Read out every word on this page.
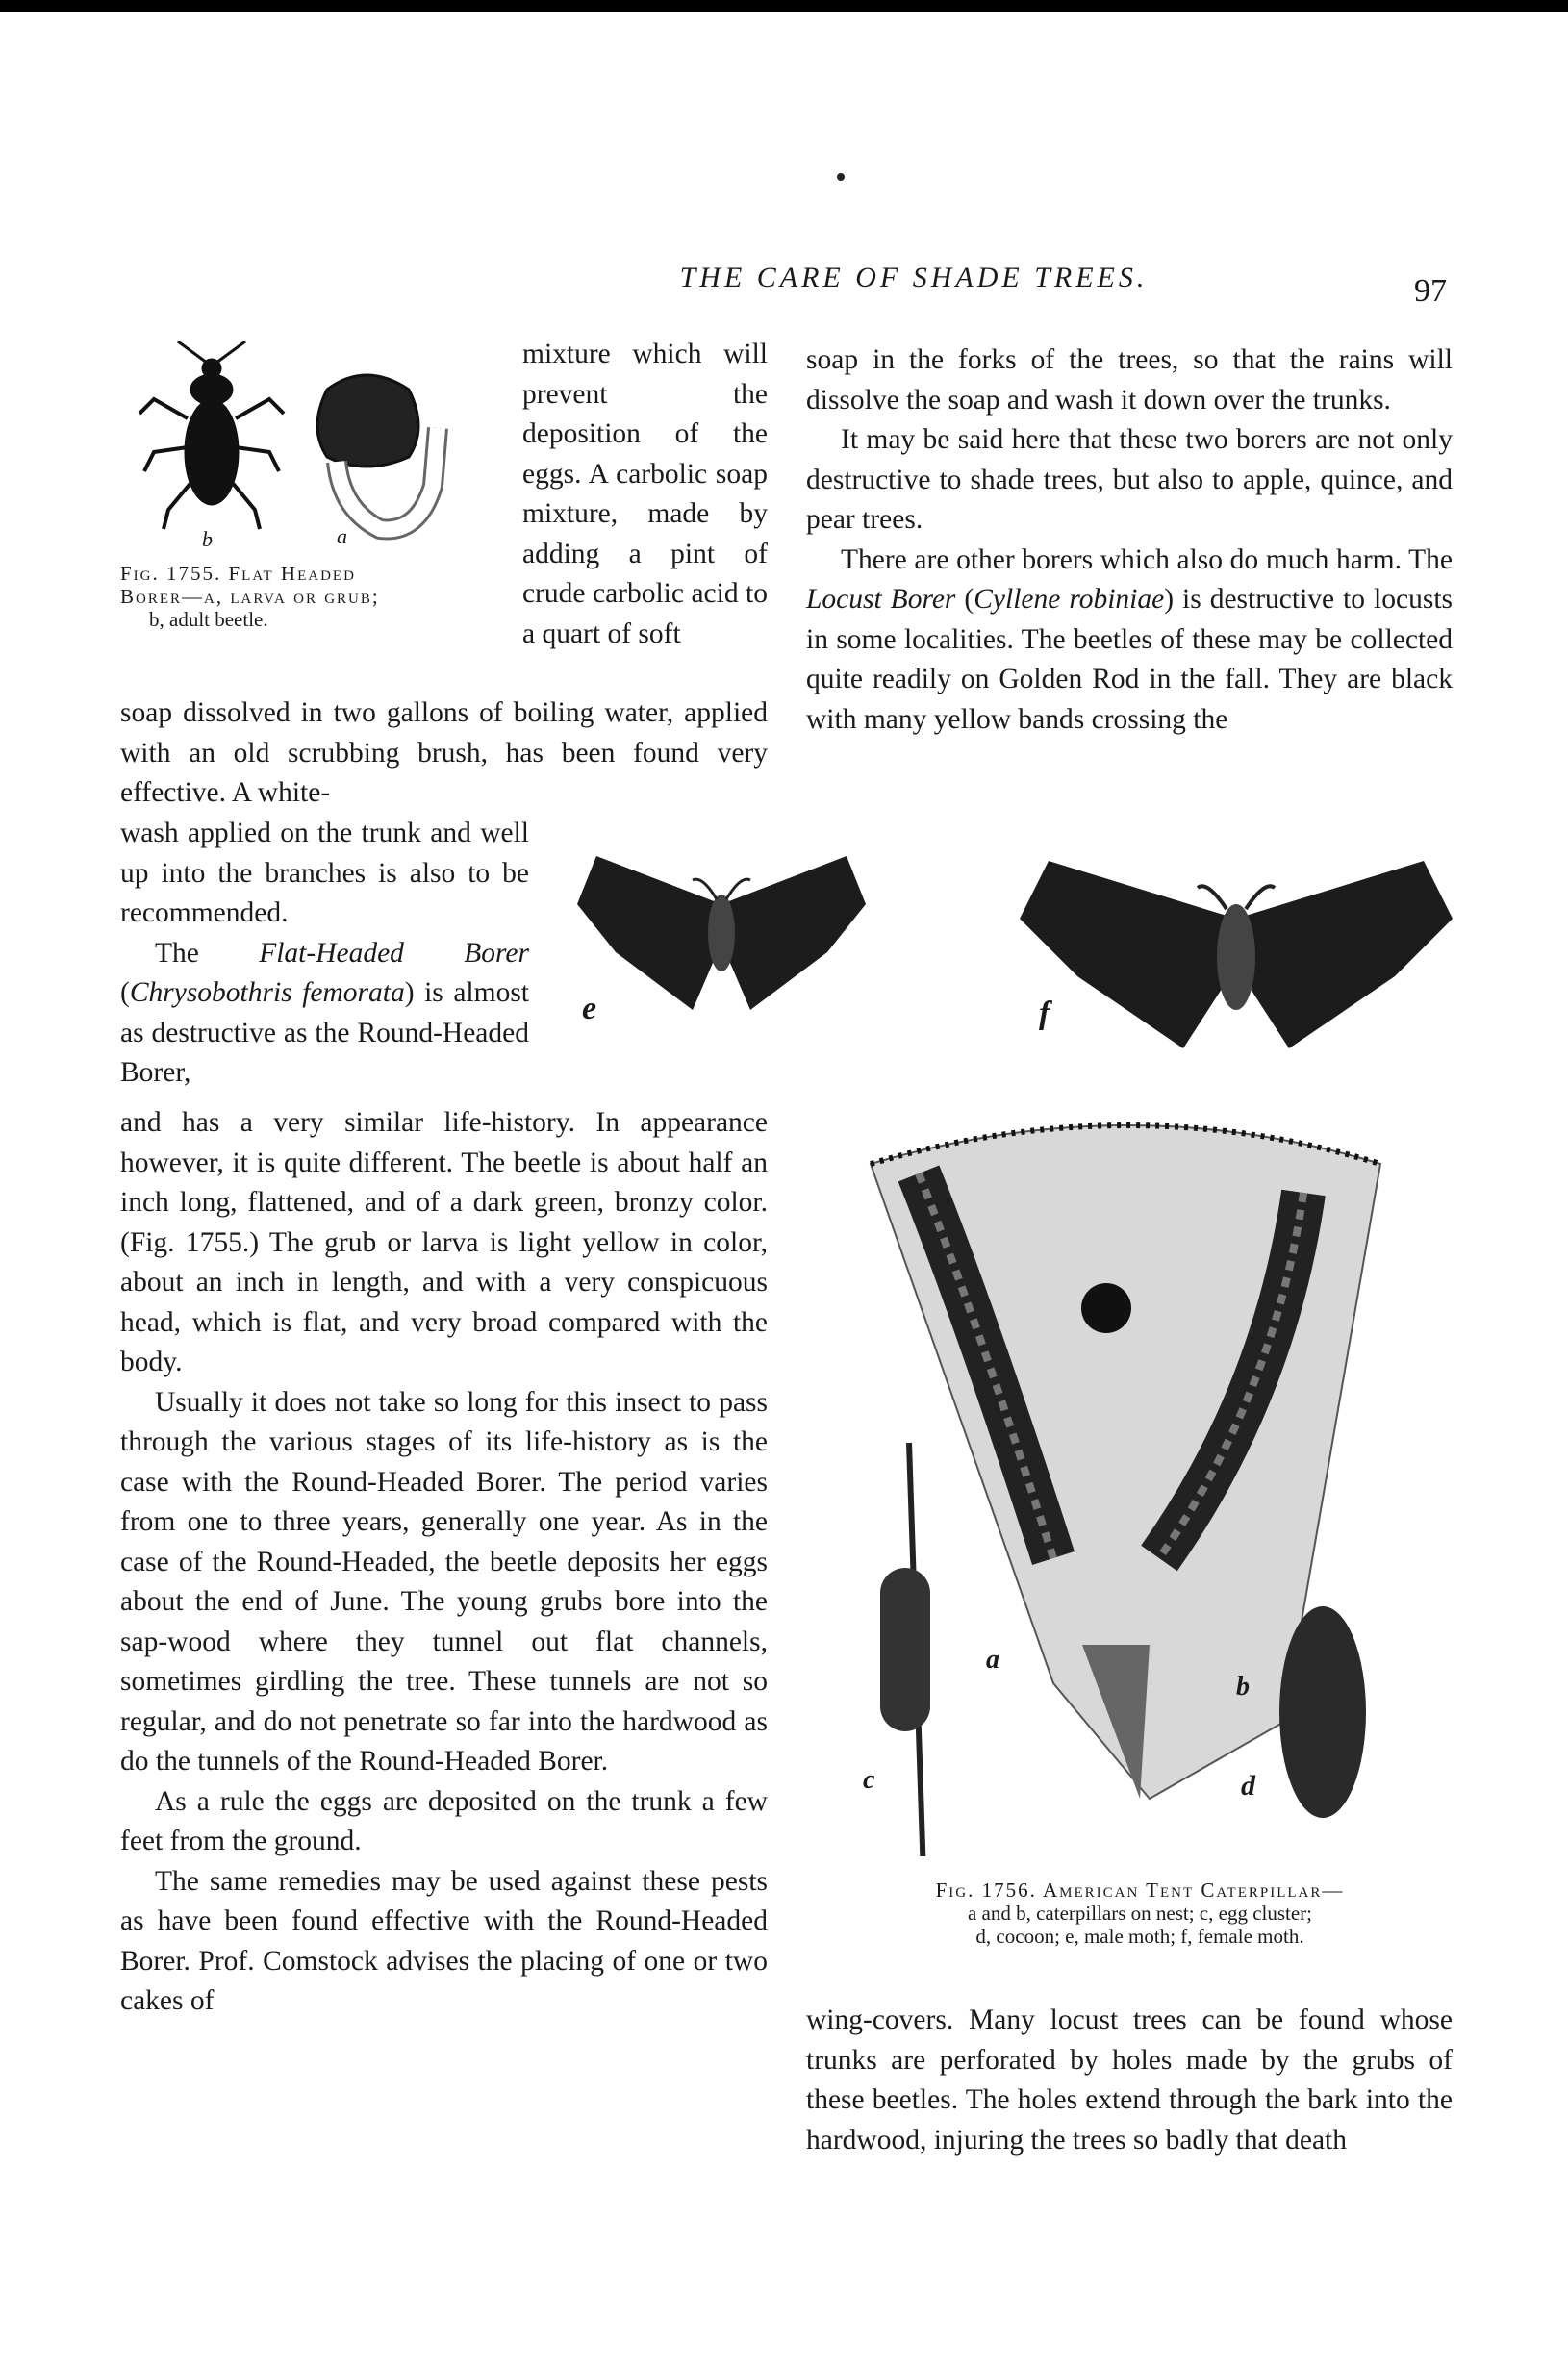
THE CARE OF SHADE TREES.	97
b	a
Fig. 1755. Flat Headed
Borer—a, larva or grub;
b, adult beetle.

mixture which will prevent the deposition of the eggs. A carbolic soap mixture, made by adding a pint of crude carbolic acid to a quart of soft

soap dissolved in two gallons of boiling water, applied with an old scrubbing brush, has been found very effective. A white-

wash applied on the trunk and well up into the branches is also to be recommended.

The Flat-Headed Borer (Chrysobothris femorata) is almost as destructive as the Round-Headed Borer,

and has a very similar life-history. In appearance however, it is quite different. The beetle is about half an inch long, flattened, and of a dark green, bronzy color. (Fig. 1755.) The grub or larva is light yellow in color, about an inch in length, and with a very conspicuous head, which is flat, and very broad compared with the body.

Usually it does not take so long for this insect to pass through the various stages of its life-history as is the case with the Round-Headed Borer. The period varies from one to three years, generally one year. As in the case of the Round-Headed, the beetle deposits her eggs about the end of June. The young grubs bore into the sap-wood where they tunnel out flat channels, sometimes girdling the tree. These tunnels are not so regular, and do not penetrate so far into the hardwood as do the tunnels of the Round-Headed Borer.

As a rule the eggs are deposited on the trunk a few feet from the ground.

The same remedies may be used against these pests as have been found effective with the Round-Headed Borer. Prof. Comstock advises the placing of one or two cakes of

soap in the forks of the trees, so that the rains will dissolve the soap and wash it down over the trunks.

It may be said here that these two borers are not only destructive to shade trees, but also to apple, quince, and pear trees.

There are other borers which also do much harm. The Locust Borer (Cyllene robiniae) is destructive to locusts in some localities. The beetles of these may be collected quite readily on Golden Rod in the fall. They are black with many yellow bands crossing the

wing-covers. Many locust trees can be found whose trunks are perforated by holes made by the grubs of these beetles. The holes extend through the bark into the hardwood, injuring the trees so badly that death

e	f
a
b
c	d
Fig. 1756. American Tent Caterpillar—
a and b, caterpillars on nest; c, egg cluster;
d, cocoon; e, male moth; f, female moth.
